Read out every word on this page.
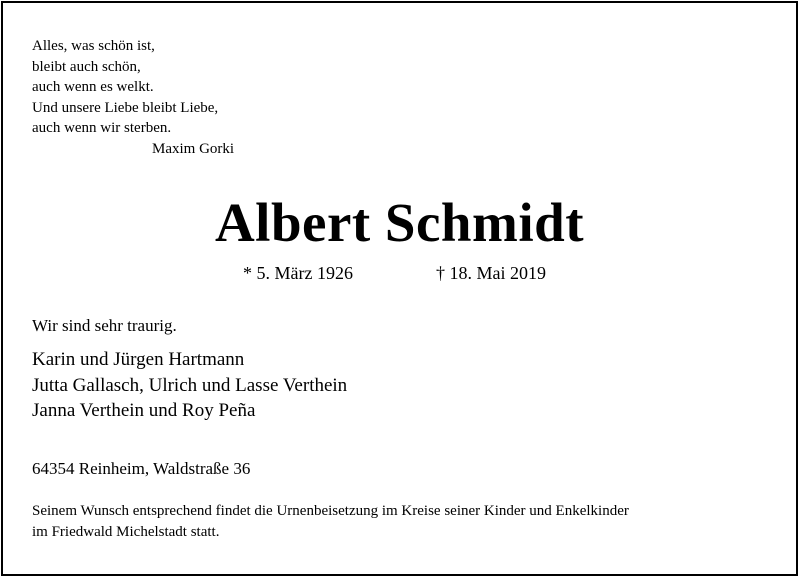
Alles, was schön ist,
bleibt auch schön,
auch wenn es welkt.
Und unsere Liebe bleibt Liebe,
auch wenn wir sterben.
Maxim Gorki
Albert Schmidt
* 5. März 1926	† 18. Mai 2019
Wir sind sehr traurig.
Karin und Jürgen Hartmann
Jutta Gallasch, Ulrich und Lasse Verthein
Janna Verthein und Roy Peña
64354 Reinheim, Waldstraße 36
Seinem Wunsch entsprechend findet die Urnenbeisetzung im Kreise seiner Kinder und Enkelkinder
im Friedwald Michelstadt statt.
